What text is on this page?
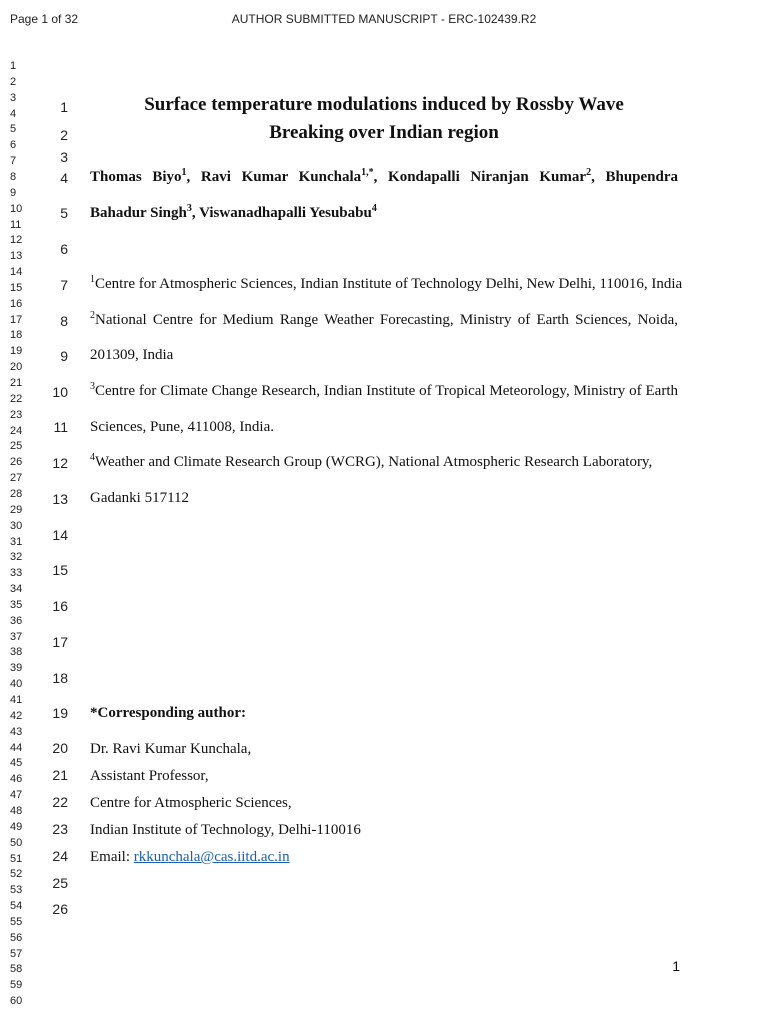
Page 1 of 32	AUTHOR SUBMITTED MANUSCRIPT - ERC-102439.R2
1
2
3
4
5
6
7
8
9
10
11
12
13
14
15
16
17
18
19
20
21
22
23
24
25
26
27
28
29
30
31
32
33
34
35
36
37
38
39
40
41
42
43
44
45
46
47
48
49
50
51
52
53
54
55
56
57
58
59
60
1
2
3
4
5
6
7
8
9
10
11
12
13
14
15
16
17
18
19
20
21
22
23
24
25
26
Surface temperature modulations induced by Rossby Wave
Breaking over Indian region
Thomas Biyo$^1$, Ravi Kumar Kunchala$^{1,*}$, Kondapalli Niranjan Kumar$^2$, Bhupendra
Bahadur Singh$^3$, Viswanadhapalli Yesubabu$^4$
$^1$Centre for Atmospheric Sciences, Indian Institute of Technology Delhi, New Delhi, 110016, India
$^2$National Centre for Medium Range Weather Forecasting, Ministry of Earth Sciences, Noida,
201309, India
$^3$Centre for Climate Change Research, Indian Institute of Tropical Meteorology, Ministry of Earth
Sciences, Pune, 411008, India.
$^4$Weather and Climate Research Group (WCRG), National Atmospheric Research Laboratory,
Gadanki 517112
*Corresponding author:
Dr. Ravi Kumar Kunchala,
Assistant Professor,
Centre for Atmospheric Sciences,
Indian Institute of Technology, Delhi-110016
Email: rkkunchala@cas.iitd.ac.in
1
